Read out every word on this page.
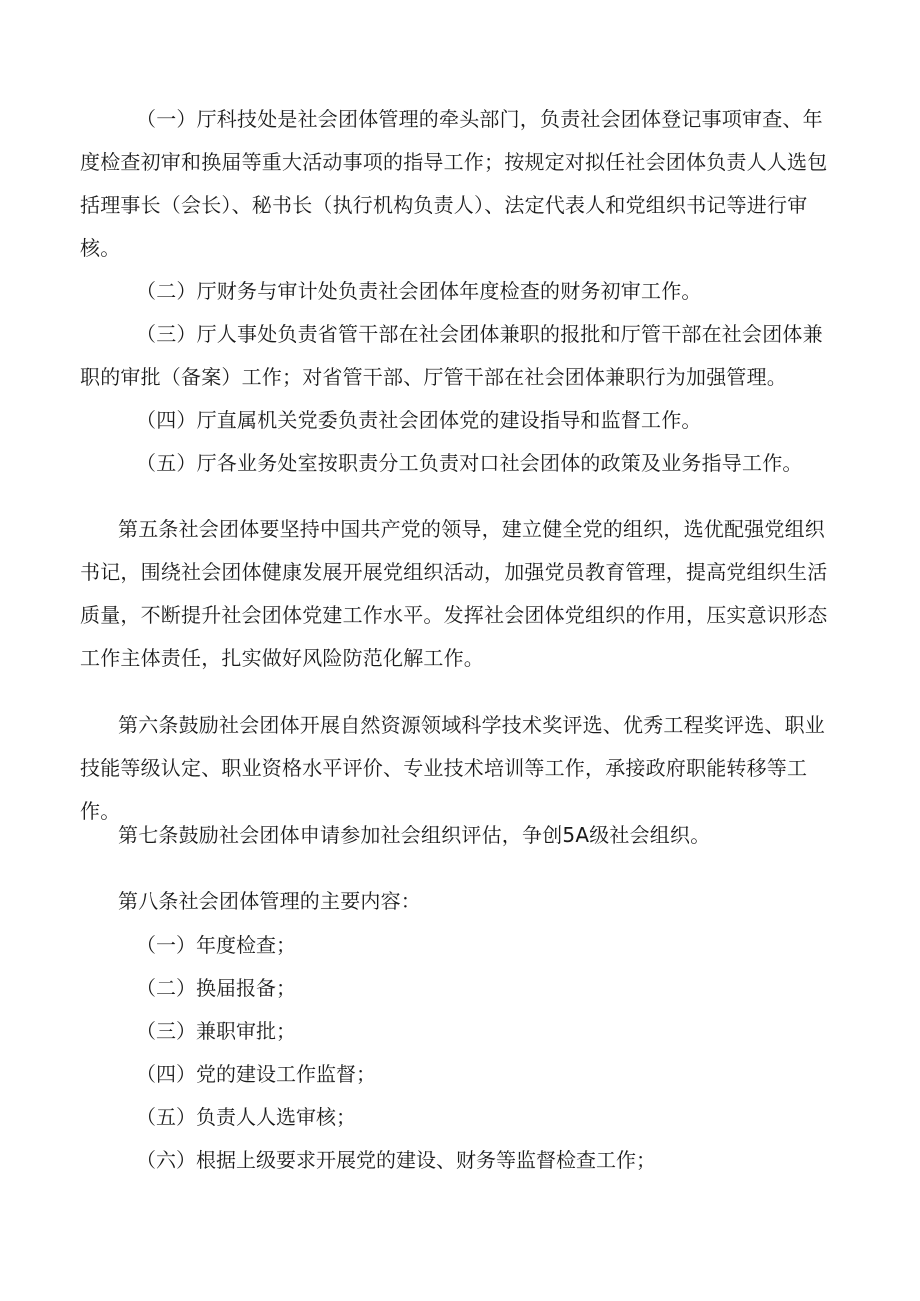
（一）厅科技处是社会团体管理的牵头部门，负责社会团体登记事项审查、年度检查初审和换届等重大活动事项的指导工作；按规定对拟任社会团体负责人人选包括理事长（会长）、秘书长（执行机构负责人）、法定代表人和党组织书记等进行审核。
（二）厅财务与审计处负责社会团体年度检查的财务初审工作。
（三）厅人事处负责省管干部在社会团体兼职的报批和厅管干部在社会团体兼职的审批（备案）工作；对省管干部、厅管干部在社会团体兼职行为加强管理。
（四）厅直属机关党委负责社会团体党的建设指导和监督工作。
（五）厅各业务处室按职责分工负责对口社会团体的政策及业务指导工作。
第五条社会团体要坚持中国共产党的领导，建立健全党的组织，选优配强党组织书记，围绕社会团体健康发展开展党组织活动，加强党员教育管理，提高党组织生活质量，不断提升社会团体党建工作水平。发挥社会团体党组织的作用，压实意识形态工作主体责任，扎实做好风险防范化解工作。
第六条鼓励社会团体开展自然资源领域科学技术奖评选、优秀工程奖评选、职业技能等级认定、职业资格水平评价、专业技术培训等工作，承接政府职能转移等工作。
第七条鼓励社会团体申请参加社会组织评估，争创5A级社会组织。
第八条社会团体管理的主要内容：
（一）年度检查；
（二）换届报备；
（三）兼职审批；
（四）党的建设工作监督；
（五）负责人人选审核；
（六）根据上级要求开展党的建设、财务等监督检查工作；
